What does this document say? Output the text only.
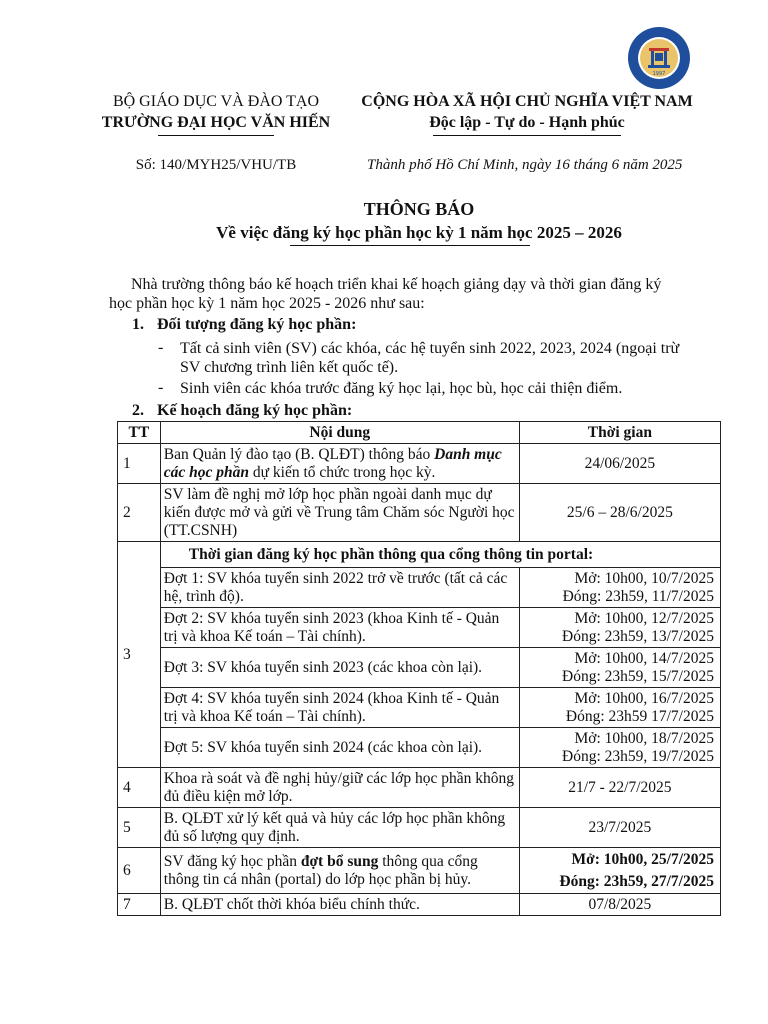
1997
BỘ GIÁO DỤC VÀ ĐÀO TẠO
TRƯỜNG ĐẠI HỌC VĂN HIẾN
CỘNG HÒA XÃ HỘI CHỦ NGHĨA VIỆT NAM
Độc lập - Tự do - Hạnh phúc
Số: 140/MYH25/VHU/TB	Thành phố Hồ Chí Minh, ngày 16 tháng 6 năm 2025
THÔNG BÁO
Về việc đăng ký học phần học kỳ 1 năm học 2025 – 2026
Nhà trường thông báo kế hoạch triển khai kế hoạch giảng dạy và thời gian đăng ký
học phần học kỳ 1 năm học 2025 - 2026 như sau:
1. Đối tượng đăng ký học phần:
- Tất cả sinh viên (SV) các khóa, các hệ tuyển sinh 2022, 2023, 2024 (ngoại trừ
SV chương trình liên kết quốc tế).
- Sinh viên các khóa trước đăng ký học lại, học bù, học cải thiện điểm.
2. Kế hoạch đăng ký học phần:
TT	Nội dung	Thời gian
1	Ban Quản lý đào tạo (B. QLĐT) thông báo Danh mục các học phần dự kiến tổ chức trong học kỳ.	24/06/2025
2	SV làm đề nghị mở lớp học phần ngoài danh mục dự kiến được mở và gửi về Trung tâm Chăm sóc Người học (TT.CSNH)	25/6 – 28/6/2025
3	Thời gian đăng ký học phần thông qua cổng thông tin portal:	
	Đợt 1: SV khóa tuyển sinh 2022 trở về trước (tất cả các hệ, trình độ).	Mở: 10h00, 10/7/2025
Đóng: 23h59, 11/7/2025

	Đợt 2: SV khóa tuyển sinh 2023 (khoa Kinh tế - Quản trị và khoa Kế toán – Tài chính).	Mở: 10h00, 12/7/2025
Đóng: 23h59, 13/7/2025

	Đợt 3: SV khóa tuyển sinh 2023 (các khoa còn lại).	Mở: 10h00, 14/7/2025
Đóng: 23h59, 15/7/2025

	Đợt 4: SV khóa tuyển sinh 2024 (khoa Kinh tế - Quản trị và khoa Kế toán – Tài chính).	Mở: 10h00, 16/7/2025
Đóng: 23h59 17/7/2025

	Đợt 5: SV khóa tuyển sinh 2024 (các khoa còn lại).	Mở: 10h00, 18/7/2025
Đóng: 23h59, 19/7/2025

4	Khoa rà soát và đề nghị hủy/giữ các lớp học phần không đủ điều kiện mở lớp.	21/7 - 22/7/2025
5	B. QLĐT xử lý kết quả và hủy các lớp học phần không đủ số lượng quy định.	23/7/2025
6	SV đăng ký học phần đợt bổ sung thông qua cổng thông tin cá nhân (portal) do lớp học phần bị hủy.	Mở: 10h00, 25/7/2025
Đóng: 23h59, 27/7/2025

7	B. QLĐT chốt thời khóa biểu chính thức.	07/8/2025
